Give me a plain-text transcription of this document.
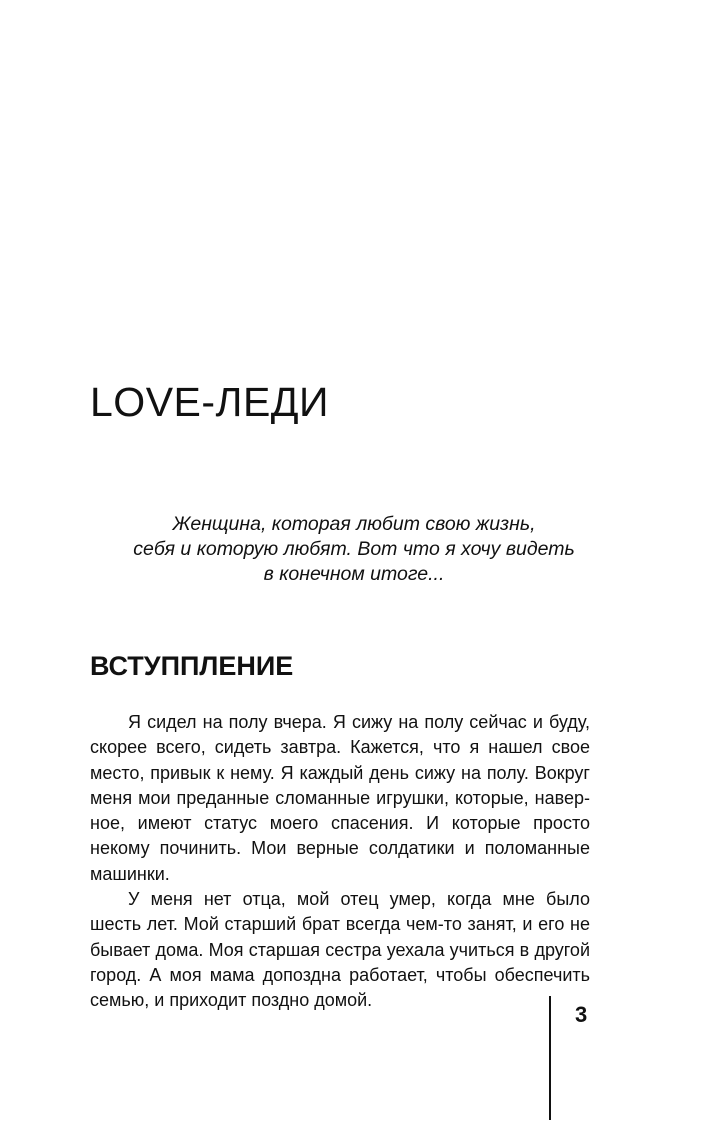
LOVE-ЛЕДИ
Женщина, которая любит свою жизнь,
себя и которую любят. Вот что я хочу видеть
в конечном итоге...
ВСТУППЛЕНИЕ

Я сидел на полу вчера. Я сижу на полу сейчас и буду, скорее всего, сидеть завтра. Кажется, что я нашел свое место, привык к нему. Я каждый день сижу на полу. Вокруг меня мои преданные сломанные игрушки, которые, наверное, имеют статус моего спасения. И которые просто некому починить. Мои верные солдатики и поломанные машинки.

У меня нет отца, мой отец умер, когда мне было шесть лет. Мой старший брат всегда чем-то занят, и его не бывает дома. Моя старшая сестра уехала учиться в другой город. А моя мама допоздна работает, чтобы обеспечить семью, и приходит поздно домой.

3
